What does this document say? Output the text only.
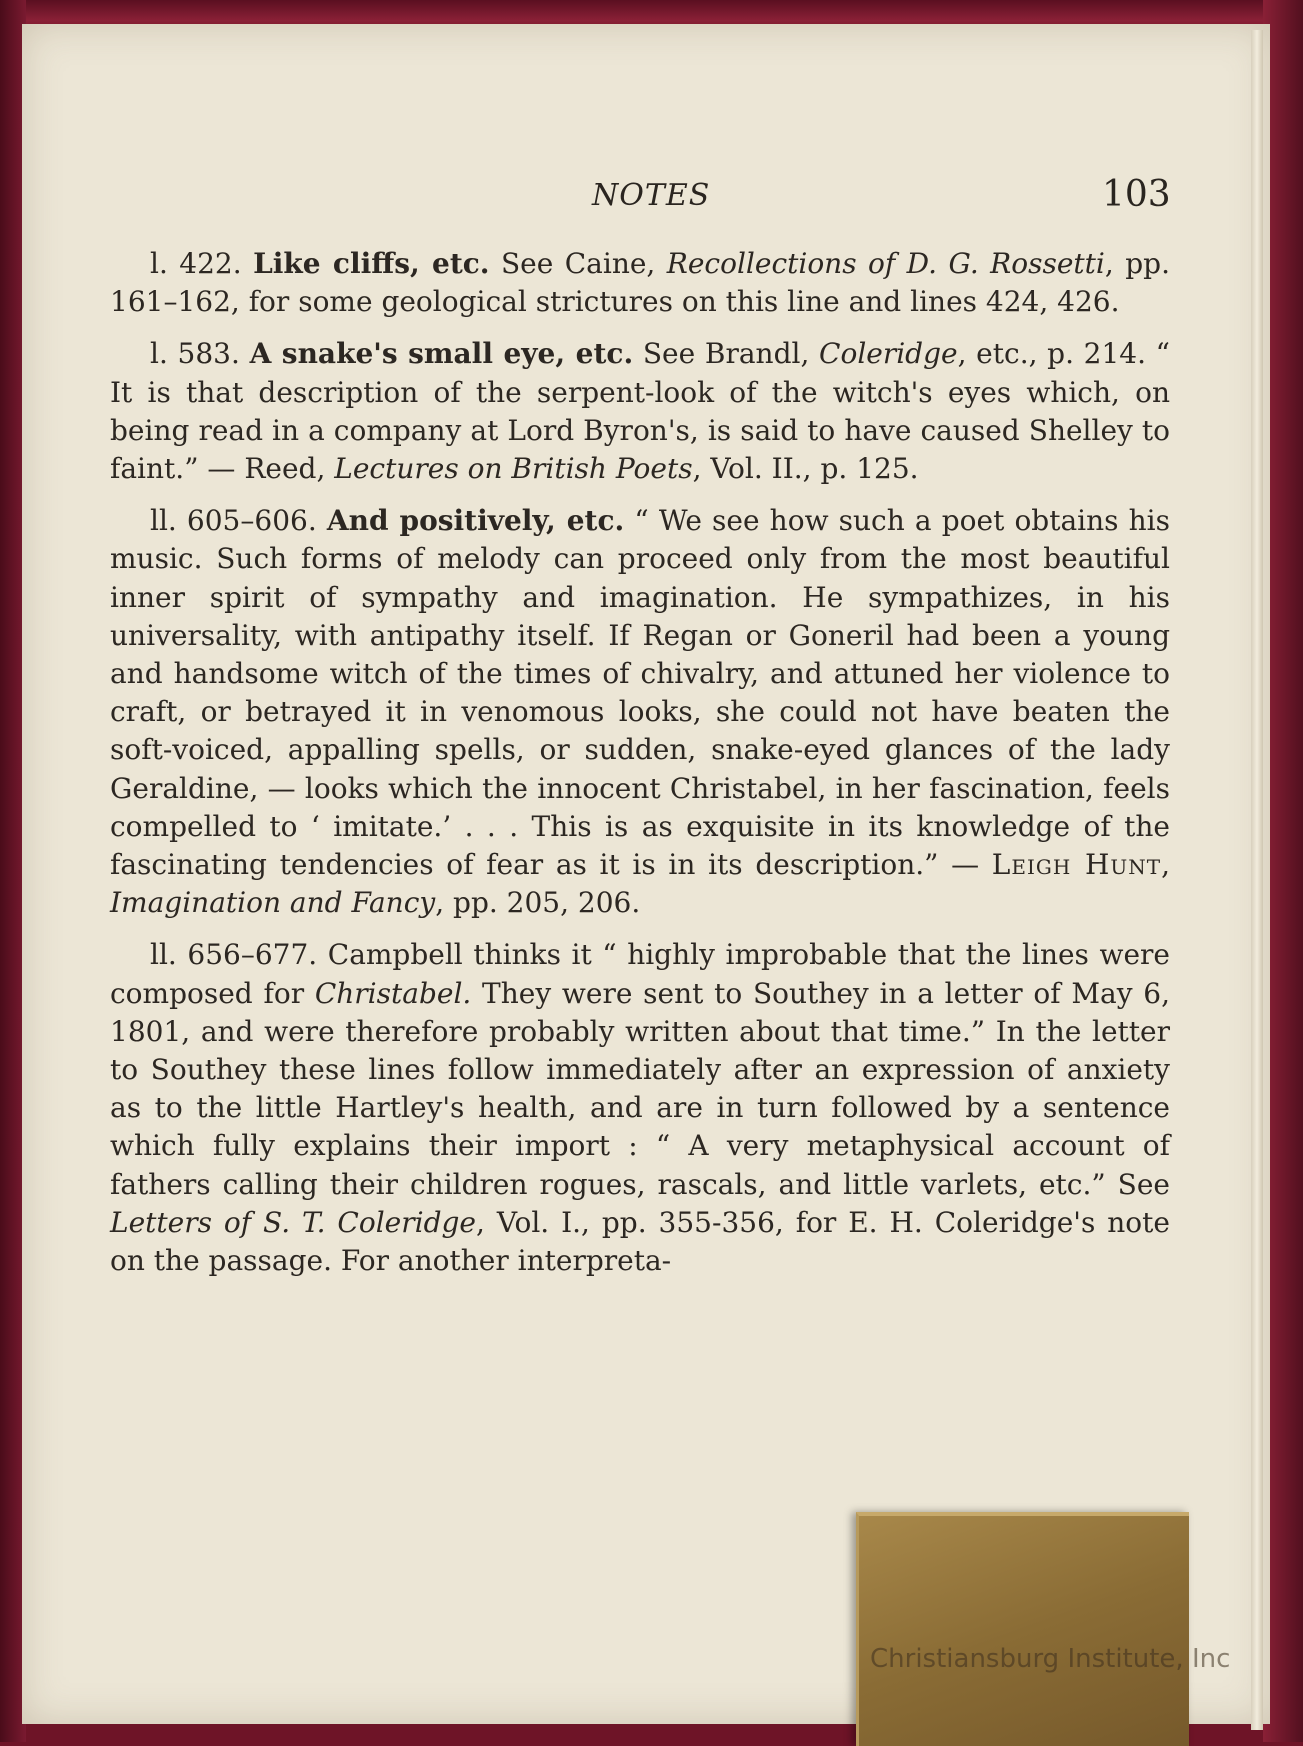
NOTES	103

l. 422. Like cliffs, etc. See Caine, Recollections of D. G. Rossetti, pp. 161–162, for some geological strictures on this line and lines 424, 426.

l. 583. A snake's small eye, etc. See Brandl, Coleridge, etc., p. 214. “ It is that description of the serpent-look of the witch's eyes which, on being read in a company at Lord Byron's, is said to have caused Shelley to faint.” — Reed, Lectures on British Poets, Vol. II., p. 125.

ll. 605–606. And positively, etc. “ We see how such a poet obtains his music. Such forms of melody can proceed only from the most beautiful inner spirit of sympathy and imagination. He sympathizes, in his universality, with antipathy itself. If Regan or Goneril had been a young and handsome witch of the times of chivalry, and attuned her violence to craft, or betrayed it in venomous looks, she could not have beaten the soft-voiced, appalling spells, or sudden, snake-eyed glances of the lady Geraldine, — looks which the innocent Christabel, in her fascination, feels compelled to ‘ imitate.’ . . . This is as exquisite in its knowledge of the fascinating tendencies of fear as it is in its description.” — Leigh Hunt, Imagination and Fancy, pp. 205, 206.

ll. 656–677. Campbell thinks it “ highly improbable that the lines were composed for Christabel. They were sent to Southey in a letter of May 6, 1801, and were therefore probably written about that time.” In the letter to Southey these lines follow immediately after an expression of anxiety as to the little Hartley's health, and are in turn followed by a sentence which fully explains their import : “ A very metaphysical account of fathers calling their children rogues, rascals, and little varlets, etc.” See Letters of S. T. Coleridge, Vol. I., pp. 355-356, for E. H. Coleridge's note on the passage. For another interpreta-

Christiansburg Institute, Inc
